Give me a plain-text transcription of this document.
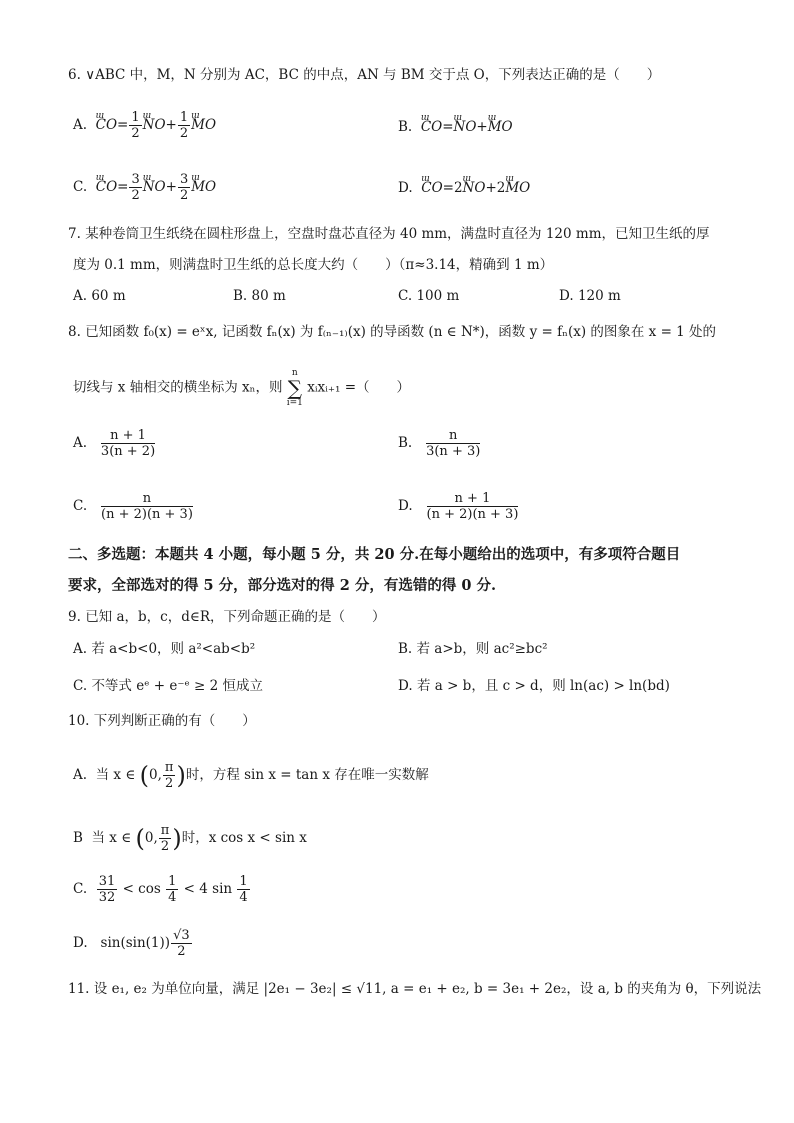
6. ∨ABC 中，M，N 分别为 AC，BC 的中点，AN 与 BM 交于点 O，下列表达正确的是（　　）
A. ɯ $CO= \frac{1}{2}$ ɯ $NO+ \frac{1}{2}$ ɯ MO	B. ɯ CO=ɯ NO+ɯ MO
C. ɯ $CO= \frac{3}{2}$ ɯ $NO+ \frac{3}{2}$ ɯ MO	D. ɯ CO=2ɯ NO+2ɯ MO
7. 某种卷筒卫生纸绕在圆柱形盘上，空盘时盘芯直径为 40 mm，满盘时直径为 120 mm，已知卫生纸的厚
度为 0.1 mm，则满盘时卫生纸的总长度大约（　　）（π≈3.14，精确到 1 m）
A. 60 m	B. 80 m	C. 100 m	D. 120 m
8. 已知函数 f₀(x) = eˣx, 记函数 fₙ(x) 为 f₍ₙ₋₁₎(x) 的导函数 (n ∈ N*)，函数 y = fₙ(x) 的图象在 x = 1 处的
切线与 x 轴相交的横坐标为 xₙ，则 n
∑
i=1 xᵢxᵢ₊₁ =（　　）
A. $\frac{n + 1}{3(n + 2)}$	B. $\frac{n}{3(n + 3)}$
C. $\frac{n}{(n + 2)(n + 3)}$	D. $\frac{n + 1}{(n + 2)(n + 3)}$
二、多选题：本题共 4 小题，每小题 5 分，共 20 分.在每小题给出的选项中，有多项符合题目
要求，全部选对的得 5 分，部分选对的得 2 分，有选错的得 0 分.
9. 已知 a，b，c，d∈R，下列命题正确的是（　　）
A. 若 a<b<0，则 a²<ab<b²	B. 若 a>b，则 ac²≥bc²
C. 不等式 eᵉ + e⁻ᵉ ≥ 2 恒成立	D. 若 a > b，且 c > d，则 ln(ac) > ln(bd)
10. 下列判断正确的有（　　）
A. 当 x ∈ (0, $\frac{\pi}{2}$ )时，方程 sin x = tan x 存在唯一实数解
B 当 x ∈ (0, $\frac{\pi}{2}$ )时，x cos x < sin x
C. $\frac{31}{32} < \cos \frac{1}{4} < 4$ $\sin \frac{1}{4}$
D. $\sin(\sin(1)) \frac{√3}{2}$
11. 设 e₁, e₂ 为单位向量，满足 |2e₁ − 3e₂| ≤ √11, a = e₁ + e₂, b = 3e₁ + 2e₂，设 a, b 的夹角为 θ，下列说法
